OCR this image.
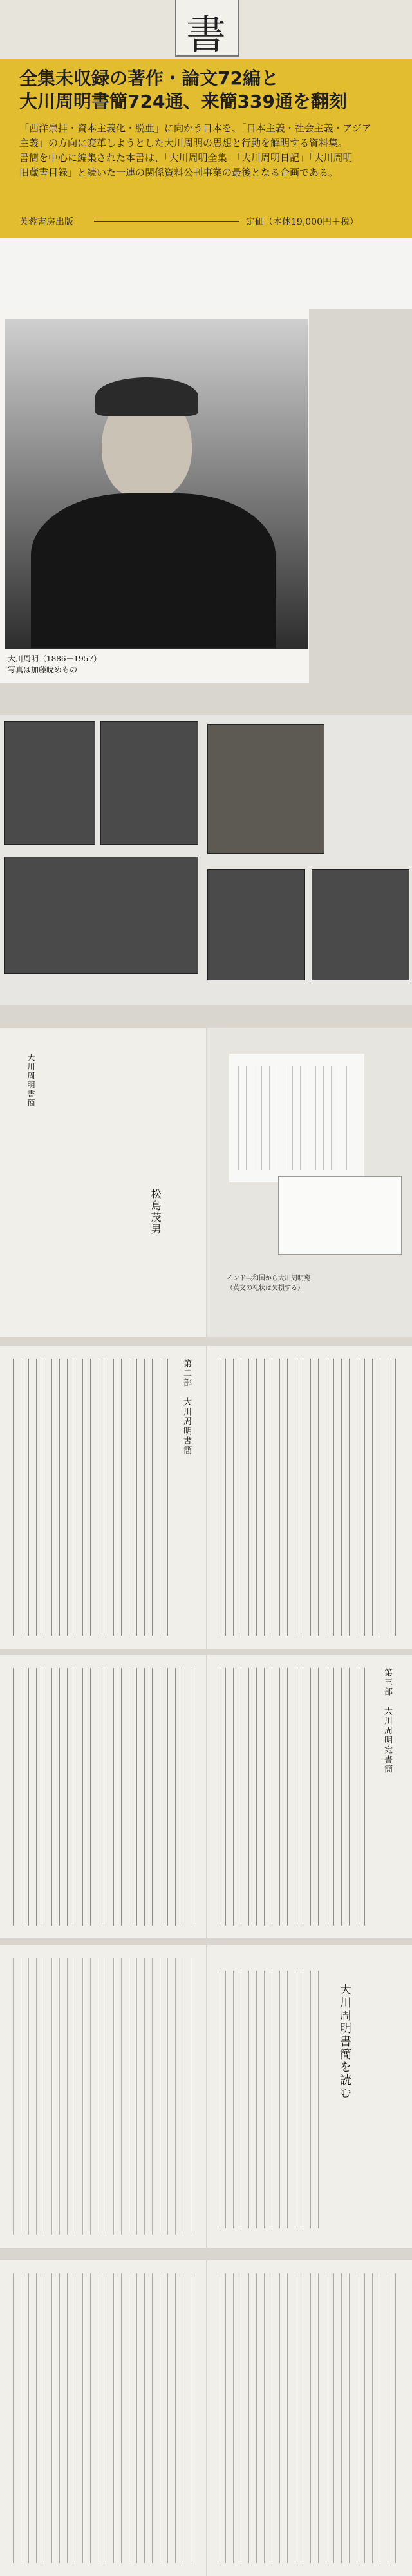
書
全集未収録の著作・論文72編と
大川周明書簡724通、来簡339通を翻刻
「西洋崇拝・資本主義化・脱亜」に向かう日本を、「日本主義・社会主義・アジア
主義」の方向に変革しようとした大川周明の思想と行動を解明する資料集。
書簡を中心に編集された本書は、「大川周明全集」「大川周明日記」「大川周明
旧蔵書目録」と続いた一連の関係資料公刊事業の最後となる企画である。
芙蓉書房出版	定価（本体19,000円＋税）
大川周明（1886－1957）
写真は加藤暁めもの
大川周明書簡
松島茂男
インド共和国から大川周明宛
（英文の礼状は欠損する）
第二部　大川周明書簡
第三部　大川周明宛書簡
大川周明書簡を読む
